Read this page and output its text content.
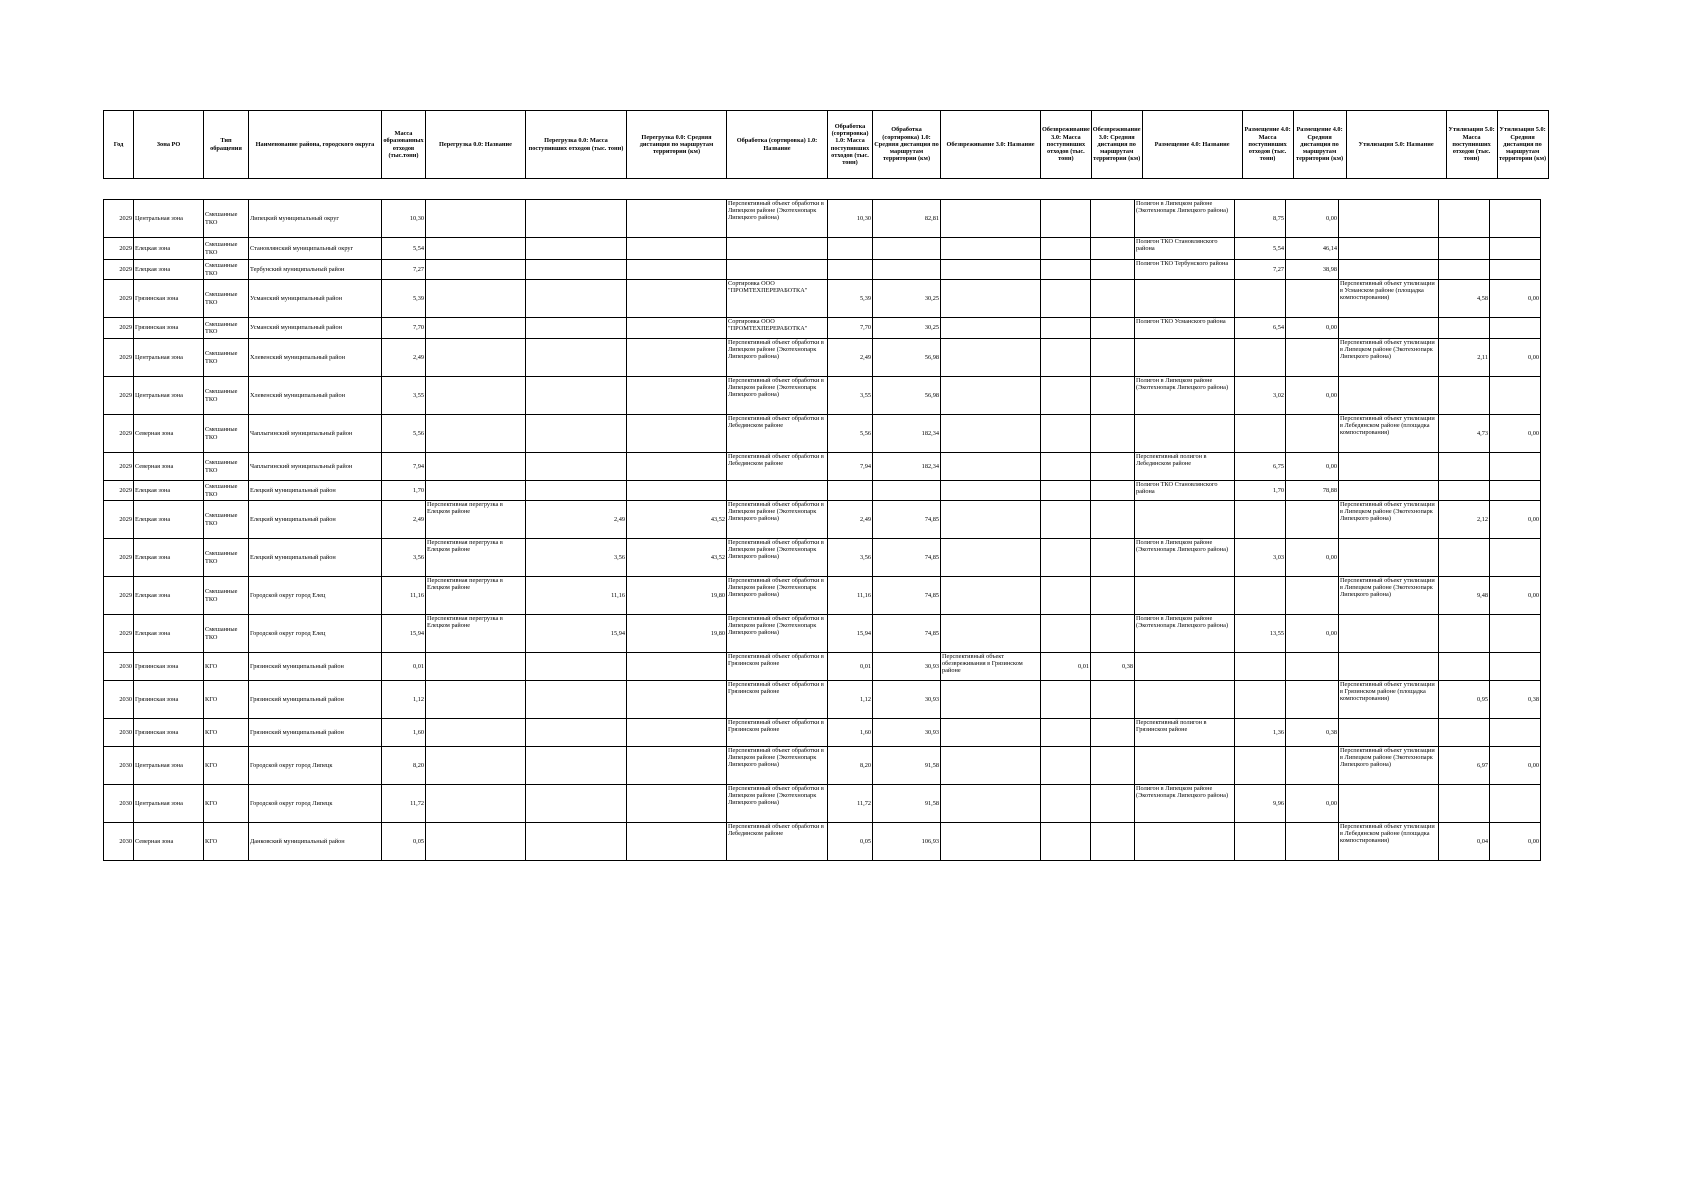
Год	Зона РО	Тип обращения	Наименование района, городского округа	Масса образованных отходов (тыс.тонн)	Перегрузка 0.0: Название	Перегрузка 0.0: Масса поступивших отходов (тыс. тонн)	Перегрузка 0.0: Средняя дистанция по маршрутам территории (км)	Обработка (сортировка) 1.0: Название	Обработка (сортировка) 1.0: Масса поступивших отходов (тыс. тонн)	Обработка (сортировка) 1.0: Средняя дистанция по маршрутам территории (км)	Обезвреживание 3.0: Название	Обезвреживание 3.0: Масса поступивших отходов (тыс. тонн)	Обезвреживание 3.0: Средняя дистанция по маршрутам территории (км)	Размещение 4.0: Название	Размещение 4.0: Масса поступивших отходов (тыс. тонн)	Размещение 4.0: Средняя дистанция по маршрутам территории (км)	Утилизация 5.0: Название	Утилизация 5.0: Масса поступивших отходов (тыс. тонн)	Утилизация 5.0: Средняя дистанция по маршрутам территории (км)
2029	Центральная зона	Смешанные ТКО	Липецкий муниципальный округ	10,30				Перспективный объект обработки в Липецком районе (Экотехнопарк Липецкого района)	10,30	82,81				Полигон в Липецком районе (Экотехнопарк Липецкого района)	8,75	0,00			
2029	Елецкая зона	Смешанные ТКО	Становлянский муниципальный округ	5,54										Полигон ТКО Становлянского района	5,54	46,14			
2029	Елецкая зона	Смешанные ТКО	Тербунский муниципальный район	7,27										Полигон ТКО Тербунского района	7,27	38,98			
2029	Грязинская зона	Смешанные ТКО	Усманский муниципальный район	5,39				Сортировка ООО "ПРОМТЕХПЕРЕРАБОТКА"	5,39	30,25							Перспективный объект утилизации в Усманском районе (площадка компостирования)	4,58	0,00
2029	Грязинская зона	Смешанные ТКО	Усманский муниципальный район	7,70				Сортировка ООО "ПРОМТЕХПЕРЕРАБОТКА"	7,70	30,25				Полигон ТКО Усманского района	6,54	0,00			
2029	Центральная зона	Смешанные ТКО	Хлевенский муниципальный район	2,49				Перспективный объект обработки в Липецком районе (Экотехнопарк Липецкого района)	2,49	56,98							Перспективный объект утилизации в Липецком районе (Экотехнопарк Липецкого района)	2,11	0,00
2029	Центральная зона	Смешанные ТКО	Хлевенский муниципальный район	3,55				Перспективный объект обработки в Липецком районе (Экотехнопарк Липецкого района)	3,55	56,98				Полигон в Липецком районе (Экотехнопарк Липецкого района)	3,02	0,00			
2029	Северная зона	Смешанные ТКО	Чаплыгинский муниципальный район	5,56				Перспективный объект обработки в Лебедянском районе	5,56	182,34							Перспективный объект утилизации в Лебедянском районе (площадка компостирования)	4,73	0,00
2029	Северная зона	Смешанные ТКО	Чаплыгинский муниципальный район	7,94				Перспективный объект обработки в Лебедянском районе	7,94	182,34				Перспективный полигон в Лебедянском районе	6,75	0,00			
2029	Елецкая зона	Смешанные ТКО	Елецкий муниципальный район	1,70										Полигон ТКО Становлянского района	1,70	78,88			
2029	Елецкая зона	Смешанные ТКО	Елецкий муниципальный район	2,49	Перспективная перегрузка в Елецком районе	2,49	43,52	Перспективный объект обработки в Липецком районе (Экотехнопарк Липецкого района)	2,49	74,85							Перспективный объект утилизации в Липецком районе (Экотехнопарк Липецкого района)	2,12	0,00
2029	Елецкая зона	Смешанные ТКО	Елецкий муниципальный район	3,56	Перспективная перегрузка в Елецком районе	3,56	43,52	Перспективный объект обработки в Липецком районе (Экотехнопарк Липецкого района)	3,56	74,85				Полигон в Липецком районе (Экотехнопарк Липецкого района)	3,03	0,00			
2029	Елецкая зона	Смешанные ТКО	Городской округ город Елец	11,16	Перспективная перегрузка в Елецком районе	11,16	19,80	Перспективный объект обработки в Липецком районе (Экотехнопарк Липецкого района)	11,16	74,85							Перспективный объект утилизации в Липецком районе (Экотехнопарк Липецкого района)	9,48	0,00
2029	Елецкая зона	Смешанные ТКО	Городской округ город Елец	15,94	Перспективная перегрузка в Елецком районе	15,94	19,80	Перспективный объект обработки в Липецком районе (Экотехнопарк Липецкого района)	15,94	74,85				Полигон в Липецком районе (Экотехнопарк Липецкого района)	13,55	0,00			
2030	Грязинская зона	КГО	Грязинский муниципальный район	0,01				Перспективный объект обработки в Грязинском районе	0,01	30,93	Перспективный объект обезвреживания в Грязинском районе	0,01	0,38						
2030	Грязинская зона	КГО	Грязинский муниципальный район	1,12				Перспективный объект обработки в Грязинском районе	1,12	30,93							Перспективный объект утилизации в Грязинском районе (площадка компостирования)	0,95	0,38
2030	Грязинская зона	КГО	Грязинский муниципальный район	1,60				Перспективный объект обработки в Грязинском районе	1,60	30,93				Перспективный полигон в Грязинском районе	1,36	0,38			
2030	Центральная зона	КГО	Городской округ город Липецк	8,20				Перспективный объект обработки в Липецком районе (Экотехнопарк Липецкого района)	8,20	91,58							Перспективный объект утилизации в Липецком районе (Экотехнопарк Липецкого района)	6,97	0,00
2030	Центральная зона	КГО	Городской округ город Липецк	11,72				Перспективный объект обработки в Липецком районе (Экотехнопарк Липецкого района)	11,72	91,58				Полигон в Липецком районе (Экотехнопарк Липецкого района)	9,96	0,00			
2030	Северная зона	КГО	Данковский муниципальный район	0,05				Перспективный объект обработки в Лебедянском районе	0,05	106,93							Перспективный объект утилизации в Лебедянском районе (площадка компостирования)	0,04	0,00
